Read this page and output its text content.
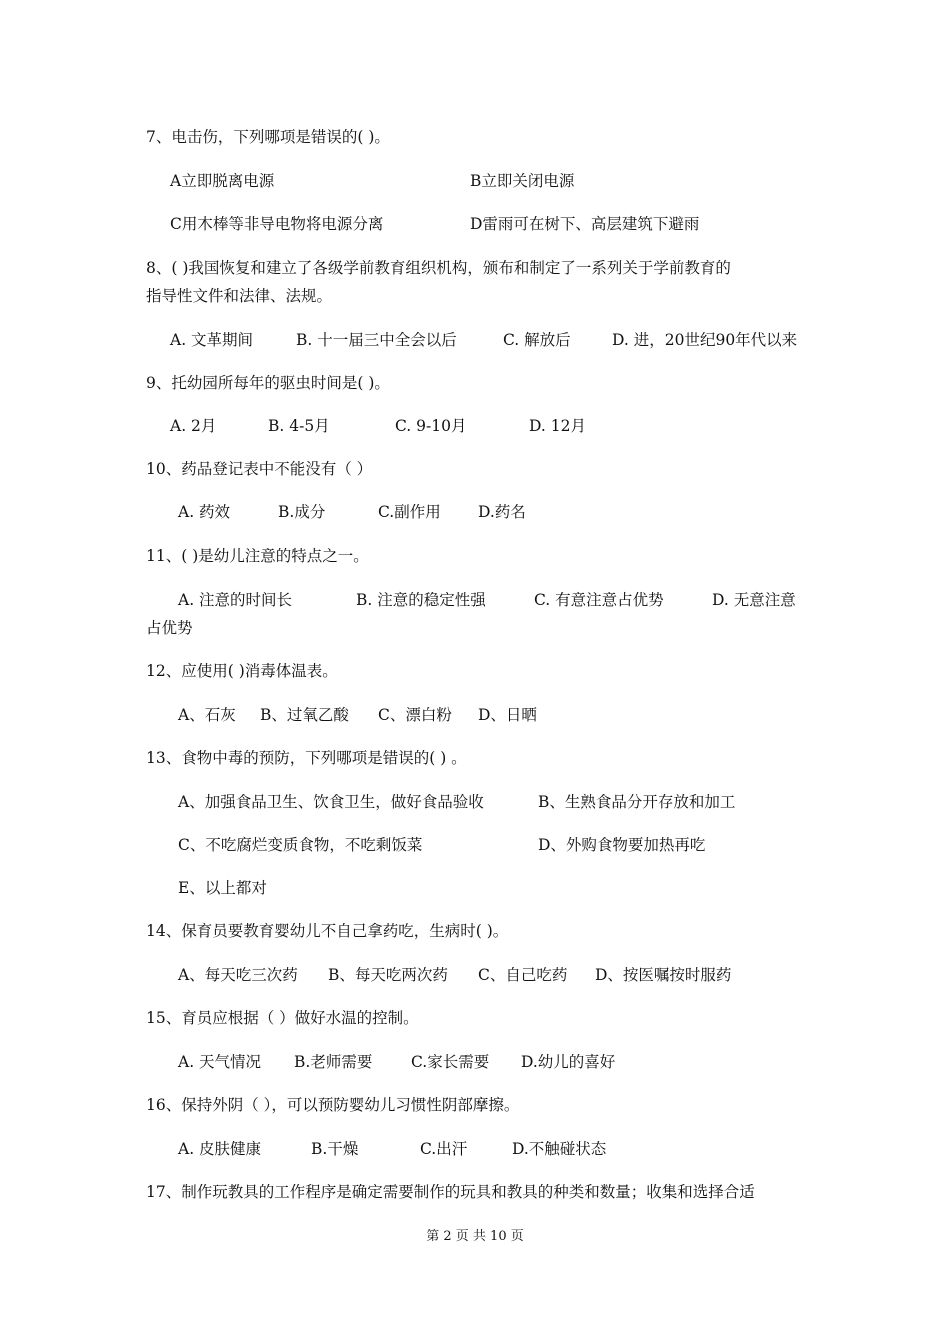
7、电击伤，下列哪项是错误的( )。
A立即脱离电源	B立即关闭电源
C用木棒等非导电物将电源分离	D雷雨可在树下、高层建筑下避雨
8、( )我国恢复和建立了各级学前教育组织机构，颁布和制定了一系列关于学前教育的
指导性文件和法律、法规。
A. 文革期间	B. 十一届三中全会以后	C. 解放后	D. 进，20世纪90年代以来
9、托幼园所每年的驱虫时间是( )。
A. 2月	B. 4-5月	C. 9-10月	D. 12月
10、药品登记表中不能没有（ ）
A. 药效	B.成分	C.副作用 D.药名
11、( )是幼儿注意的特点之一。
A. 注意的时间长	B. 注意的稳定性强	C. 有意注意占优势	D. 无意注意
占优势
12、应使用( )消毒体温表。
A、石灰 B、过氧乙酸 C、漂白粉 D、日晒
13、食物中毒的预防，下列哪项是错误的( ) 。
A、加强食品卫生、饮食卫生，做好食品验收	B、生熟食品分开存放和加工
C、不吃腐烂变质食物，不吃剩饭菜	D、外购食物要加热再吃
E、以上都对
14、保育员要教育婴幼儿不自己拿药吃，生病时( )。
A、每天吃三次药 B、每天吃两次药 C、自己吃药 D、按医嘱按时服药
15、育员应根据（ ）做好水温的控制。
A. 天气情况 B.老师需要 C.家长需要 D.幼儿的喜好
16、保持外阴（ ），可以预防婴幼儿习惯性阴部摩擦。
A. 皮肤健康	B.干燥	C.出汗	D.不触碰状态
17、制作玩教具的工作程序是确定需要制作的玩具和教具的种类和数量；收集和选择合适
第 2 页 共 10 页
